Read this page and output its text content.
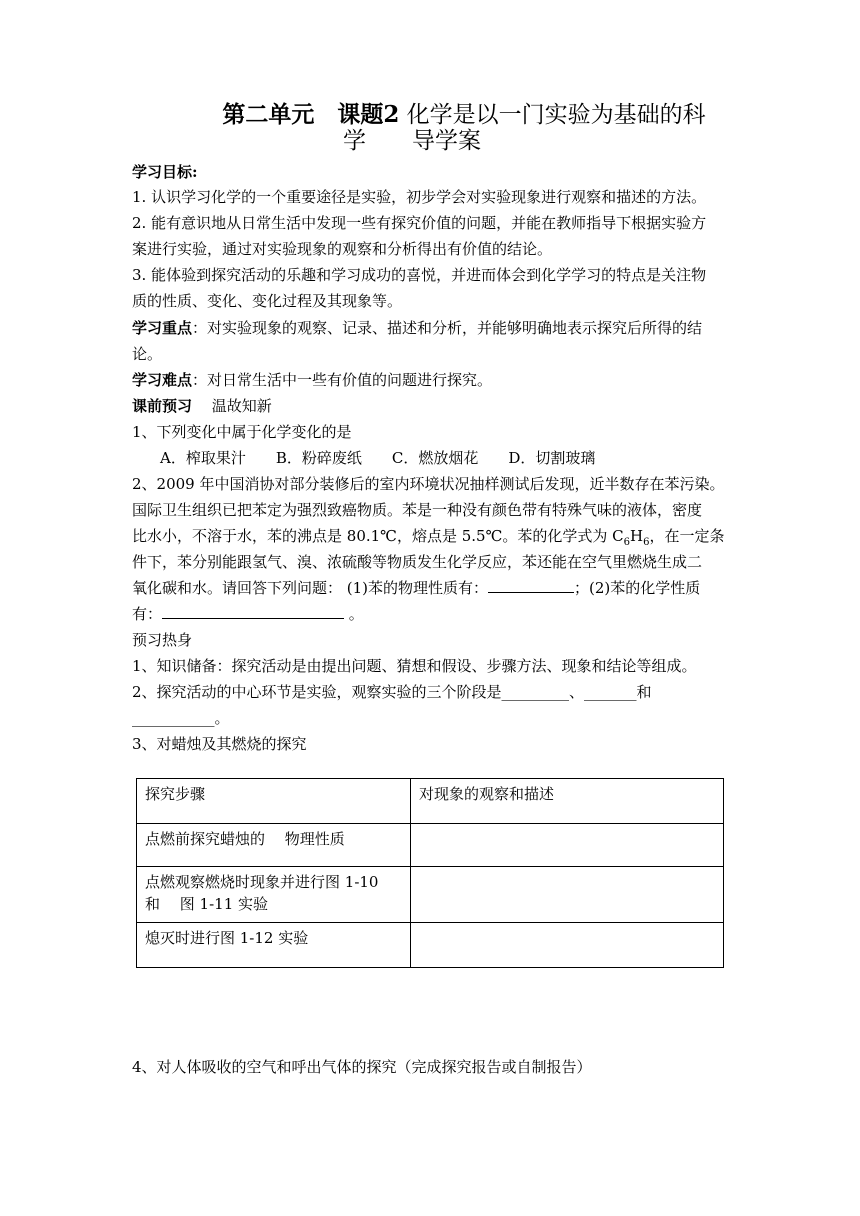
第二单元　 课题2 化学是以一门实验为基础的科
学　　导学案
学习目标:
1. 认识学习化学的一个重要途径是实验，初步学会对实验现象进行观察和描述的方法。
2. 能有意识地从日常生活中发现一些有探究价值的问题，并能在教师指导下根据实验方
案进行实验，通过对实验现象的观察和分析得出有价值的结论。
3. 能体验到探究活动的乐趣和学习成功的喜悦，并进而体会到化学学习的特点是关注物
质的性质、变化、变化过程及其现象等。
学习重点：对实验现象的观察、记录、描述和分析，并能够明确地表示探究后所得的结
论。
学习难点：对日常生活中一些有价值的问题进行探究。
课前预习　 温故知新
1、下列变化中属于化学变化的是
A．榨取果汁　　B．粉碎废纸　　C．燃放烟花　　D．切割玻璃
2、2009 年中国消协对部分装修后的室内环境状况抽样测试后发现，近半数存在苯污染。
国际卫生组织已把苯定为强烈致癌物质。苯是一种没有颜色带有特殊气味的液体，密度
比水小，不溶于水，苯的沸点是 80.1℃，熔点是 5.5℃。苯的化学式为 $C_6H_6$，在一定条
件下，苯分别能跟氢气、溴、浓硫酸等物质发生化学反应，苯还能在空气里燃烧生成二
氧化碳和水。请回答下列问题： (1)苯的物理性质有：	；(2)苯的化学性质
有：	。
预习热身
1、知识储备：探究活动是由提出问题、猜想和假设、步骤方法、现象和结论等组成。
2、探究活动的中心环节是实验，观察实验的三个阶段是_________、_______和
___________。
3、对蜡烛及其燃烧的探究
探究步骤	对现象的观察和描述
点燃前探究蜡烛的　 物理性质	

点燃观察燃烧时现象并进行图 1-10
和　 图 1-11 实验	

熄灭时进行图 1-12 实验	
4、对人体吸收的空气和呼出气体的探究（完成探究报告或自制报告）
